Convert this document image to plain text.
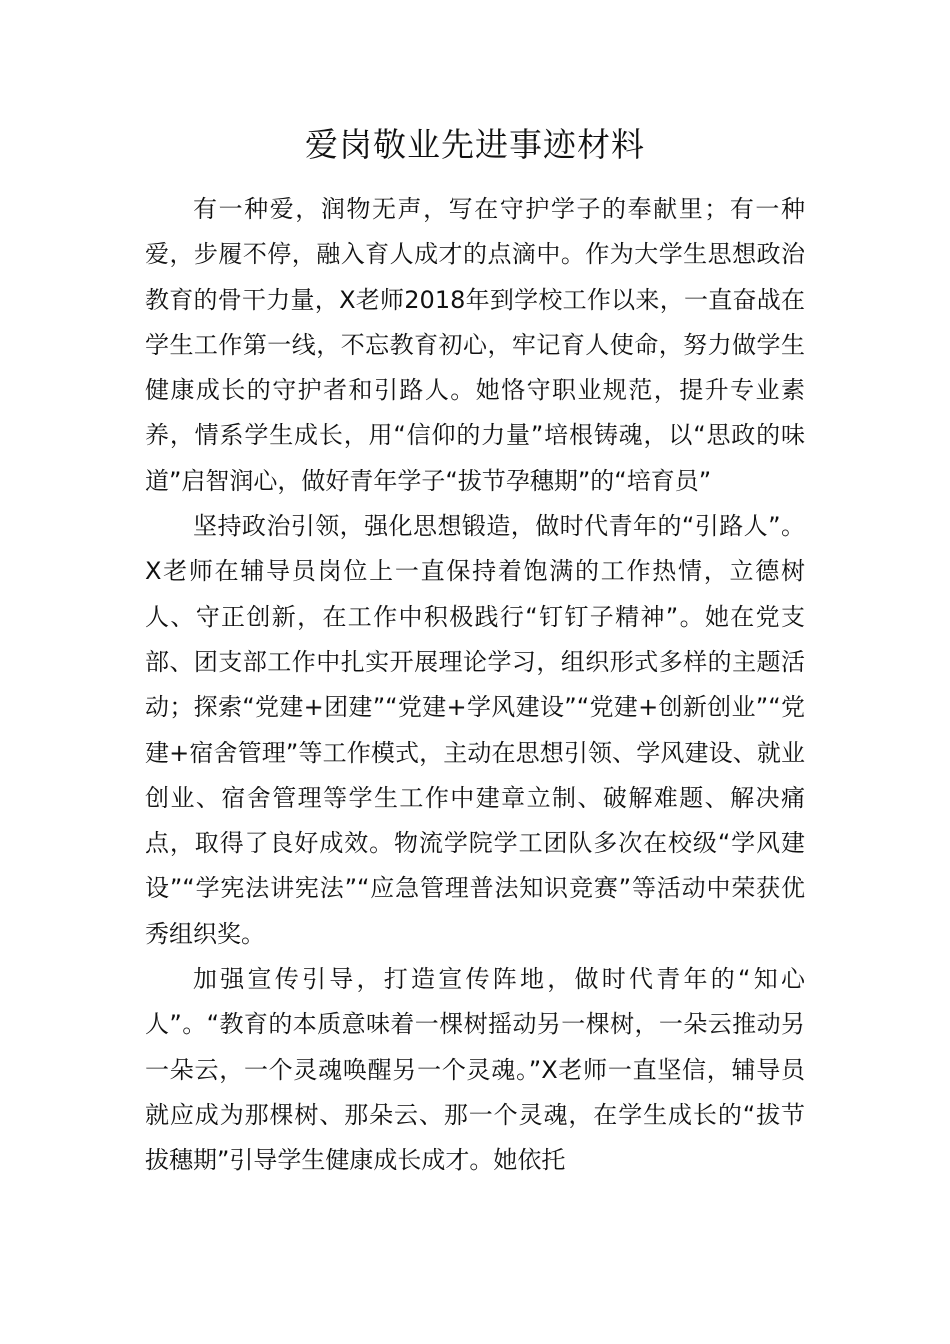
爱岗敬业先进事迹材料

有一种爱，润物无声，写在守护学子的奉献里；有一种爱，步履不停，融入育人成才的点滴中。作为大学生思想政治教育的骨干力量，X老师2018年到学校工作以来，一直奋战在学生工作第一线，不忘教育初心，牢记育人使命，努力做学生健康成长的守护者和引路人。她恪守职业规范，提升专业素养，情系学生成长，用“信仰的力量”培根铸魂，以“思政的味道”启智润心，做好青年学子“拔节孕穗期”的“培育员”

坚持政治引领，强化思想锻造，做时代青年的“引路人”。X老师在辅导员岗位上一直保持着饱满的工作热情，立德树人、守正创新，在工作中积极践行“钉钉子精神”。她在党支部、团支部工作中扎实开展理论学习，组织形式多样的主题活动；探索“党建+团建”“党建+学风建设”“党建+创新创业”“党建+宿舍管理”等工作模式，主动在思想引领、学风建设、就业创业、宿舍管理等学生工作中建章立制、破解难题、解决痛点，取得了良好成效。物流学院学工团队多次在校级“学风建设”“学宪法讲宪法”“应急管理普法知识竞赛”等活动中荣获优秀组织奖。

加强宣传引导，打造宣传阵地，做时代青年的“知心人”。“教育的本质意味着一棵树摇动另一棵树，一朵云推动另一朵云，一个灵魂唤醒另一个灵魂。”X老师一直坚信，辅导员就应成为那棵树、那朵云、那一个灵魂，在学生成长的“拔节拔穗期”引导学生健康成长成才。她依托
